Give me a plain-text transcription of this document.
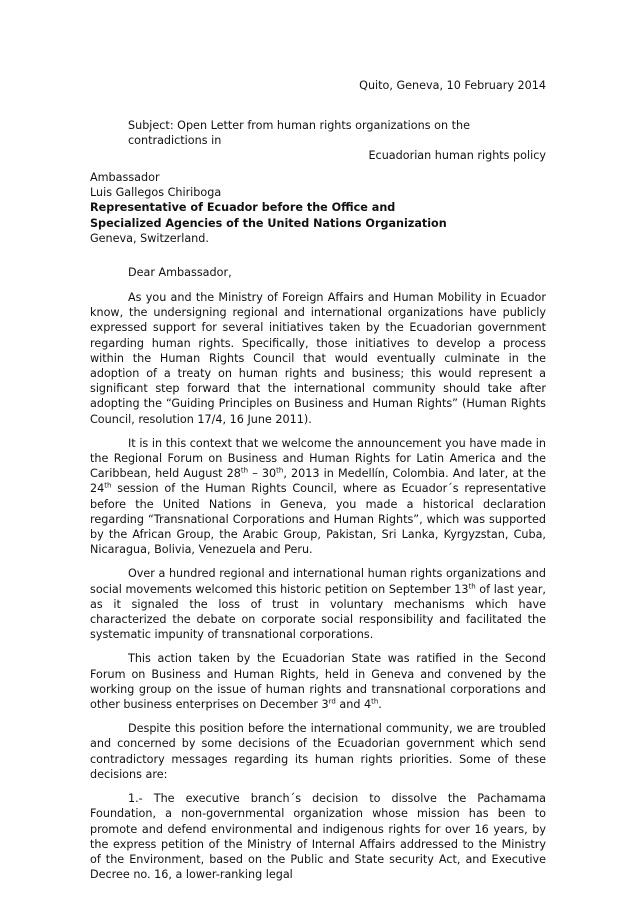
Quito, Geneva, 10 February 2014
Subject: Open Letter from human rights organizations on the contradictions in
Ecuadorian human rights policy
Ambassador
Luis Gallegos Chiriboga
Representative of Ecuador before the Office and
Specialized Agencies of the United Nations Organization
Geneva, Switzerland.
Dear Ambassador,

As you and the Ministry of Foreign Affairs and Human Mobility in Ecuador know, the undersigning regional and international organizations have publicly expressed support for several initiatives taken by the Ecuadorian government regarding human rights. Specifically, those initiatives to develop a process within the Human Rights Council that would eventually culminate in the adoption of a treaty on human rights and business; this would represent a significant step forward that the international community should take after adopting the “Guiding Principles on Business and Human Rights” (Human Rights Council, resolution 17/4, 16 June 2011).

It is in this context that we welcome the announcement you have made in the Regional Forum on Business and Human Rights for Latin America and the Caribbean, held August 28th – 30th, 2013 in Medellín, Colombia. And later, at the 24th session of the Human Rights Council, where as Ecuador´s representative before the United Nations in Geneva, you made a historical declaration regarding “Transnational Corporations and Human Rights”, which was supported by the African Group, the Arabic Group, Pakistan, Sri Lanka, Kyrgyzstan, Cuba, Nicaragua, Bolivia, Venezuela and Peru.

Over a hundred regional and international human rights organizations and social movements welcomed this historic petition on September 13th of last year, as it signaled the loss of trust in voluntary mechanisms which have characterized the debate on corporate social responsibility and facilitated the systematic impunity of transnational corporations.

This action taken by the Ecuadorian State was ratified in the Second Forum on Business and Human Rights, held in Geneva and convened by the working group on the issue of human rights and transnational corporations and other business enterprises on December 3rd and 4th.

Despite this position before the international community, we are troubled and concerned by some decisions of the Ecuadorian government which send contradictory messages regarding its human rights priorities. Some of these decisions are:

1.- The executive branch´s decision to dissolve the Pachamama Foundation, a non-governmental organization whose mission has been to promote and defend environmental and indigenous rights for over 16 years, by the express petition of the Ministry of Internal Affairs addressed to the Ministry of the Environment, based on the Public and State security Act, and Executive Decree no. 16, a lower-ranking legal
